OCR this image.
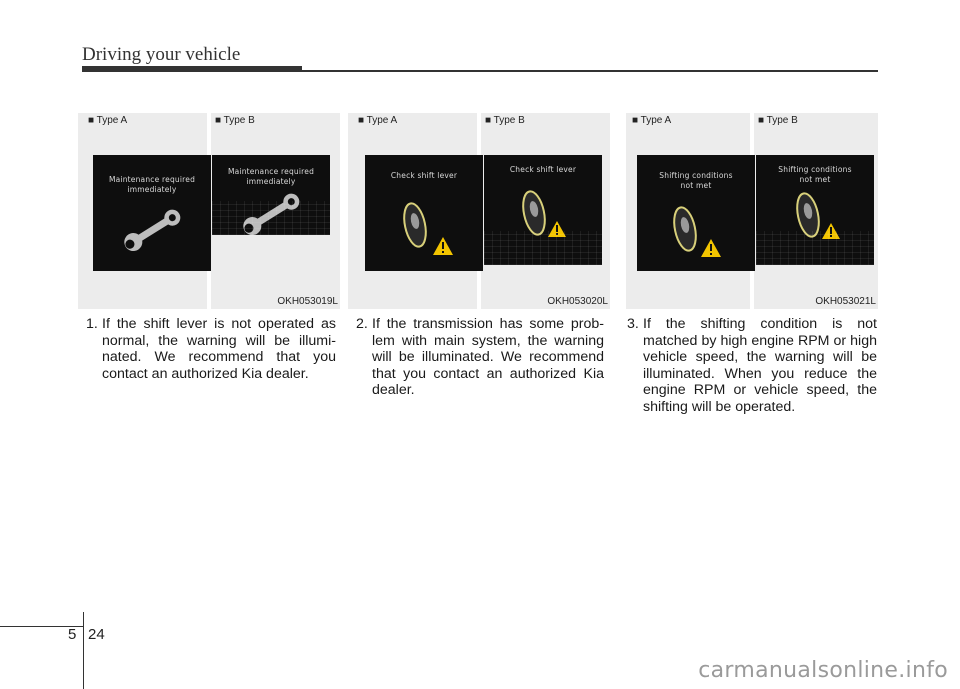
Driving your vehicle
■ Type A	■ Type B
Maintenance required
immediately
Maintenance required
immediately
OKH053019L
■ Type A	■ Type B
Check shift lever
Check shift lever
OKH053020L
■ Type A	■ Type B
Shifting conditions
not met
Shifting conditions
not met
OKH053021L
1. If the shift lever is not operated as normal, the warning will be illumi- nated. We recommend that you contact an authorized Kia dealer.
2. If the transmission has some prob- lem with main system, the warning will be illuminated. We recommend that you contact an authorized Kia dealer.
3. If the shifting condition is not matched by high engine RPM or high vehicle speed, the warning will be illuminated. When you reduce the engine RPM or vehicle speed, the shifting will be operated.
5 24
carmanualsonline.info
